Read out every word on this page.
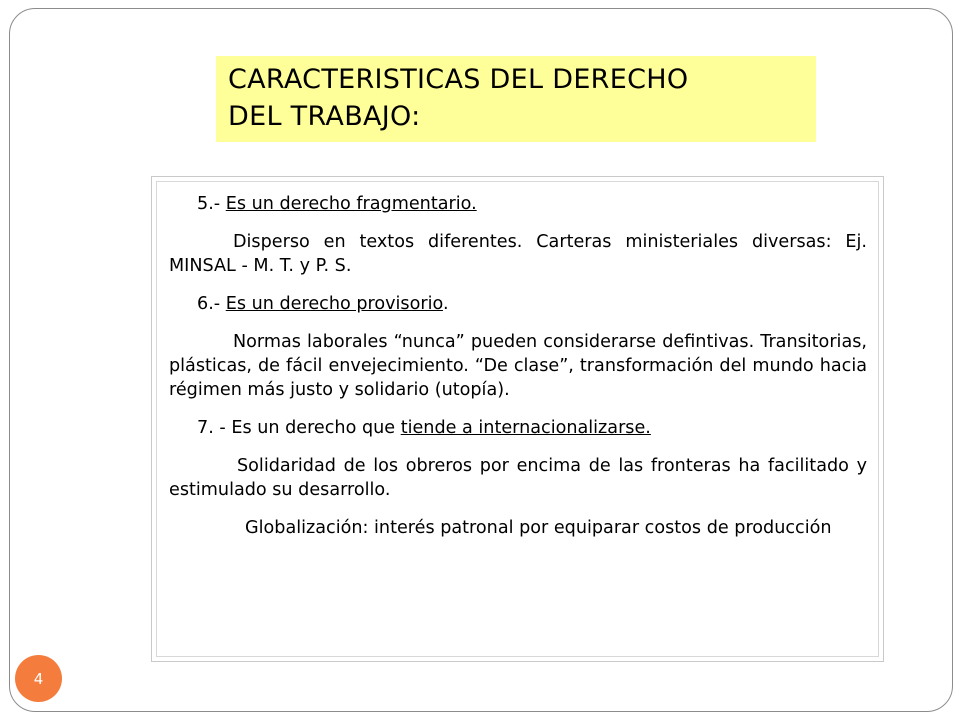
CARACTERISTICAS DEL DERECHO
DEL TRABAJO:

5.- Es un derecho fragmentario.

Disperso en textos diferentes. Carteras ministeriales diversas: Ej. MINSAL - M. T. y P. S.

6.- Es un derecho provisorio.

Normas laborales “nunca” pueden considerarse defintivas. Transitorias, plásticas, de fácil envejecimiento. “De clase”, transformación del mundo hacia régimen más justo y solidario (utopía).

7. - Es un derecho que tiende a internacionalizarse.

Solidaridad de los obreros por encima de las fronteras ha facilitado y estimulado su desarrollo.

Globalización: interés patronal por equiparar costos de producción

4
